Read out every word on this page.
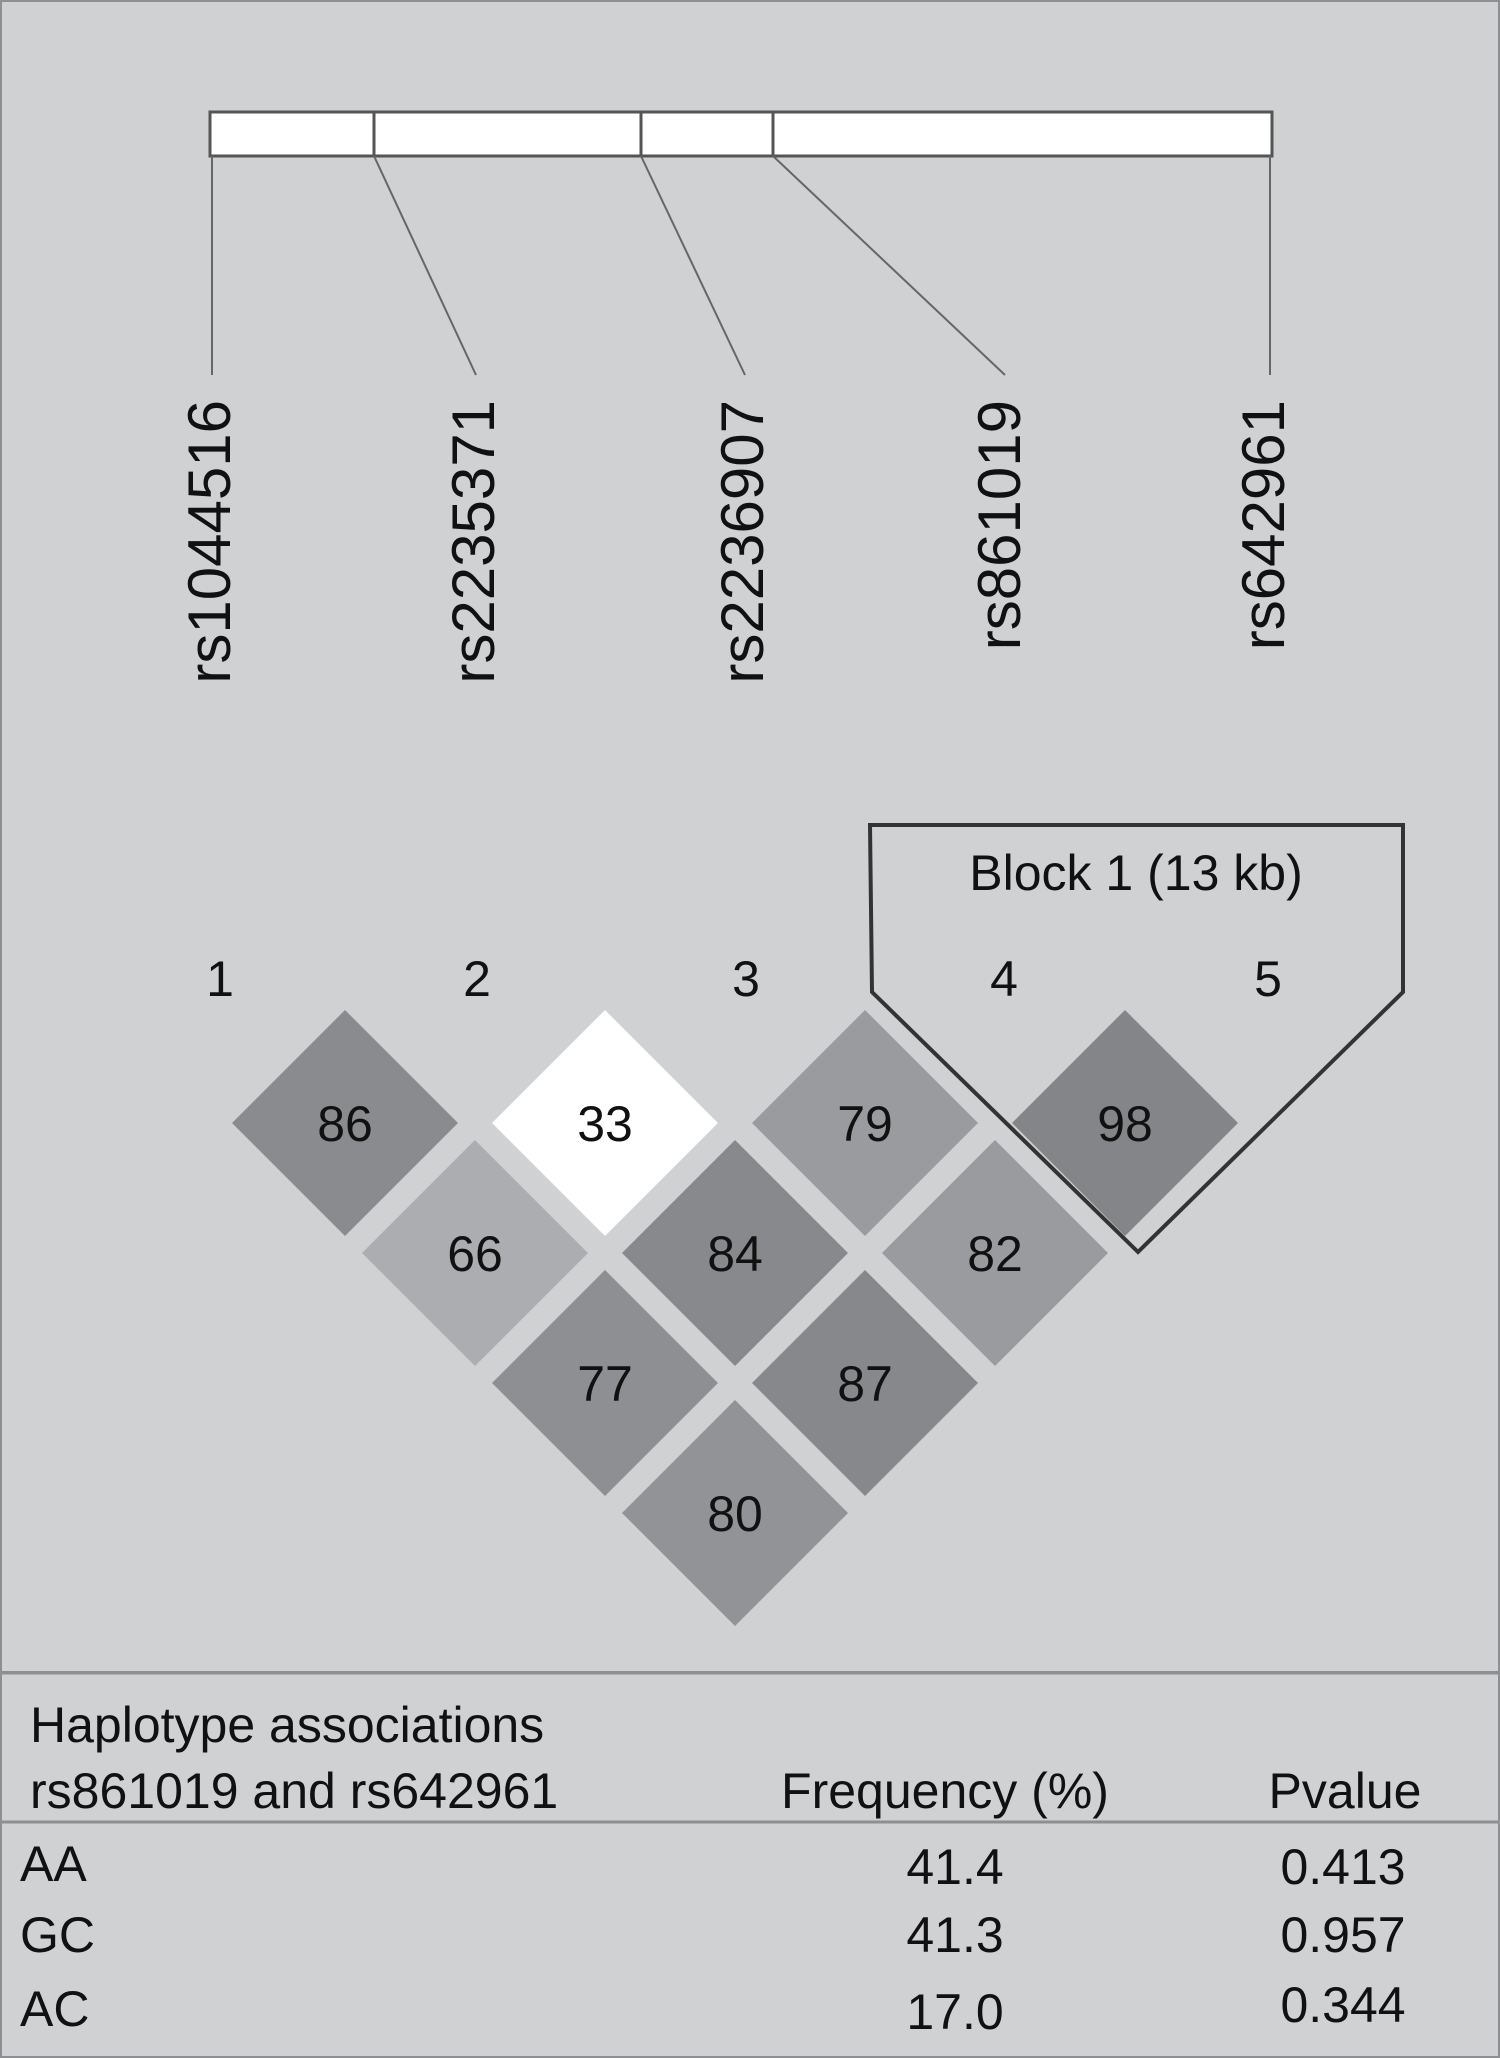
rs1044516	rs2235371	rs2236907	rs861019	rs642961
Block 1 (13 kb)
1	2	3	4	5
86	33	79	98
66	84	82
77	87
80
Haplotype associations
rs861019 and rs642961	Frequency (%)	Pvalue
AA	41.4	0.413
GC	41.3	0.957
AC	17.0	0.344
